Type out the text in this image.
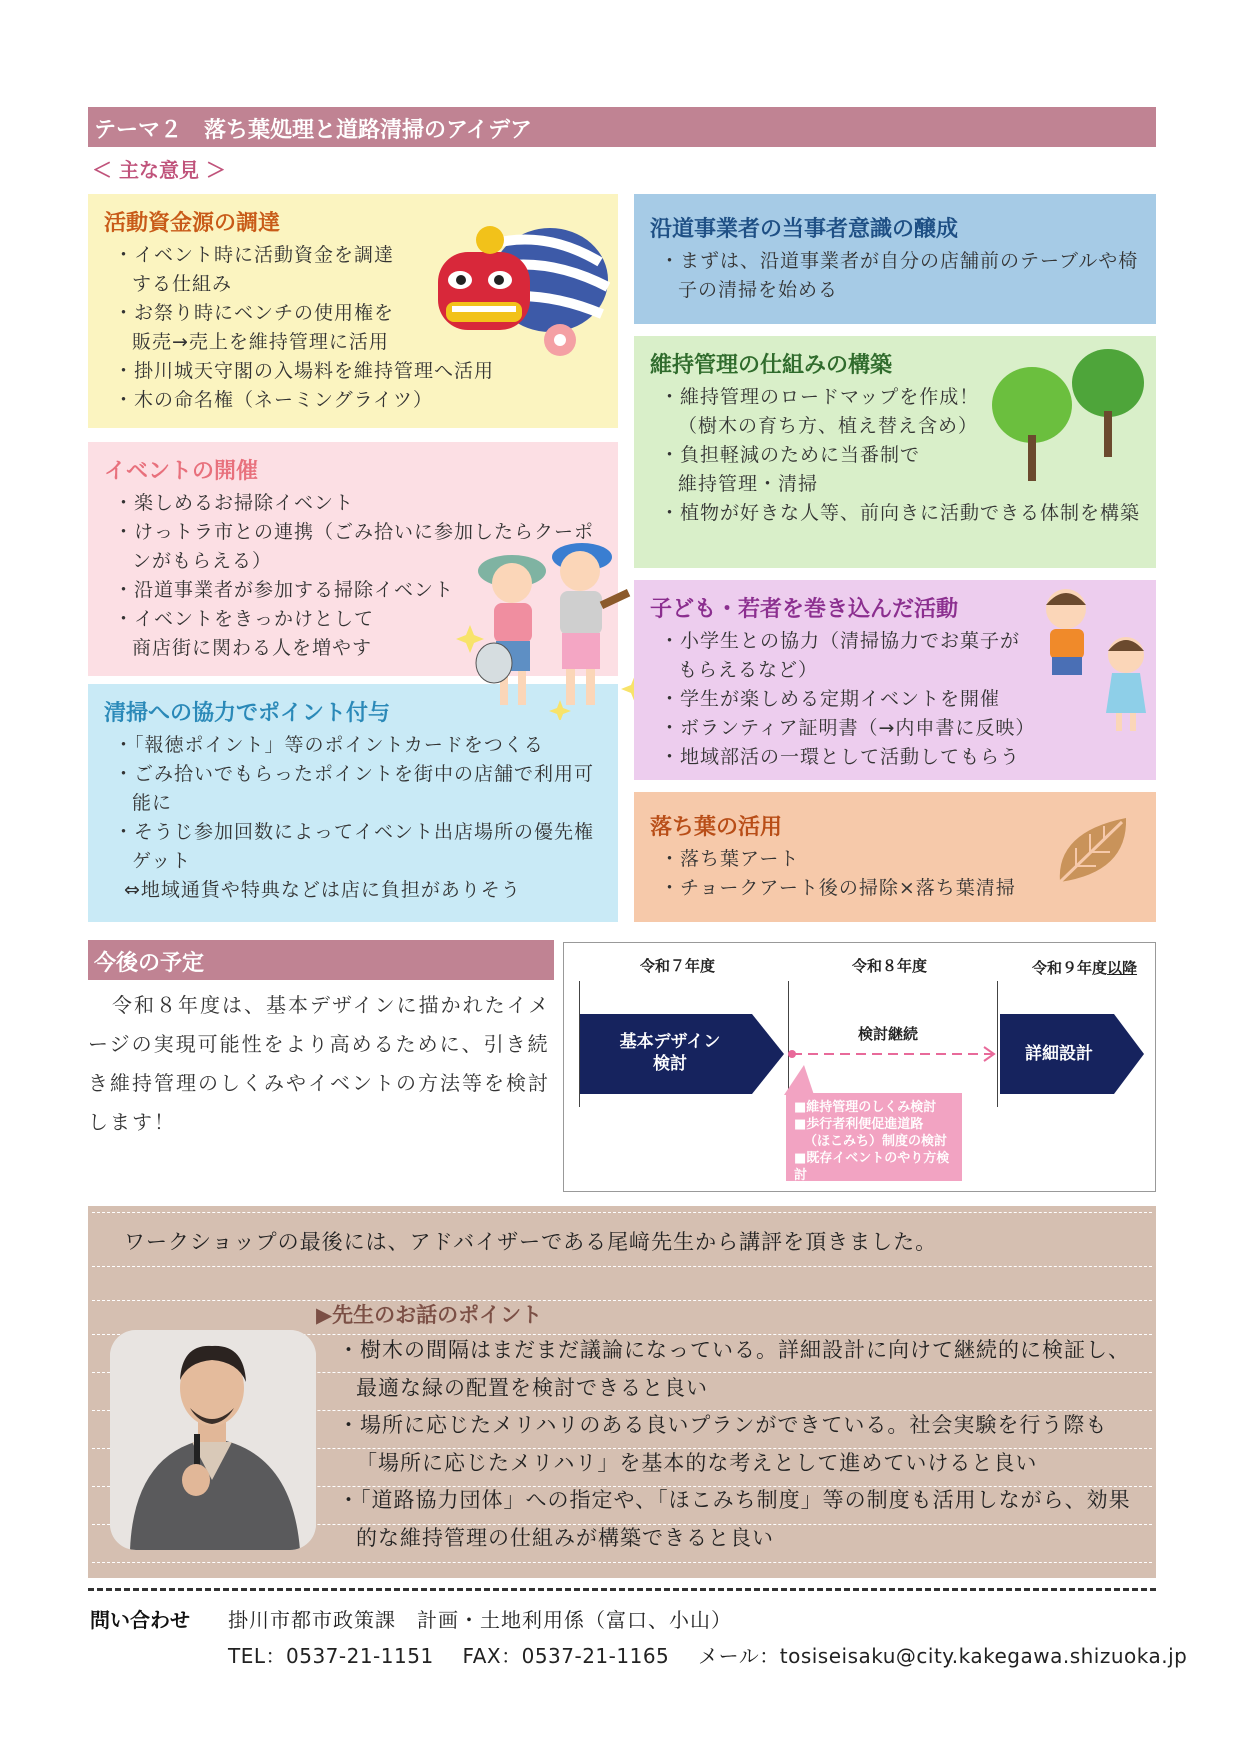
テーマ２　落ち葉処理と道路清掃のアイデア
＜ 主な意見 ＞
活動資金源の調達
・イベント時に活動資金を調達　する仕組み
・お祭り時にベンチの使用権を　販売→売上を維持管理に活用
・掛川城天守閣の入場料を維持管理へ活用
・木の命名権（ネーミングライツ）
イベントの開催
・楽しめるお掃除イベント
・けっトラ市との連携（ごみ拾いに参加したらクーポンがもらえる）
・沿道事業者が参加する掃除イベント
・イベントをきっかけとして　商店街に関わる人を増やす
清掃への協力でポイント付与
・「報徳ポイント」等のポイントカードをつくる
・ごみ拾いでもらったポイントを街中の店舗で利用可能に
・そうじ参加回数によってイベント出店場所の優先権ゲット
⇔地域通貨や特典などは店に負担がありそう
沿道事業者の当事者意識の醸成
・まずは、沿道事業者が自分の店舗前のテーブルや椅子の清掃を始める
維持管理の仕組みの構築
・維持管理のロードマップを作成！（樹木の育ち方、植え替え含め）
・負担軽減のために当番制で　維持管理・清掃
・植物が好きな人等、前向きに活動できる体制を構築
子ども・若者を巻き込んだ活動
・小学生との協力（清掃協力でお菓子がもらえるなど）
・学生が楽しめる定期イベントを開催
・ボランティア証明書（→内申書に反映）
・地域部活の一環として活動してもらう
落ち葉の活用
・落ち葉アート
・チョークアート後の掃除×落ち葉清掃
今後の予定
令和８年度は、基本デザインに描かれたイメージの実現可能性をより高めるために、引き続き維持管理のしくみやイベントの方法等を検討します！
令和７年度	令和８年度	令和９年度以降
基本デザイン
検討
検討継続
詳細設計
■維持管理のしくみ検討
■歩行者利便促進道路
（ほこみち）制度の検討
■既存イベントのやり方検討
ワークショップの最後には、アドバイザーである尾﨑先生から講評を頂きました。
▶先生のお話のポイント
・樹木の間隔はまだまだ議論になっている。詳細設計に向けて継続的に検証し、最適な緑の配置を検討できると良い
・場所に応じたメリハリのある良いプランができている。社会実験を行う際も「場所に応じたメリハリ」を基本的な考えとして進めていけると良い
・「道路協力団体」への指定や、「ほこみち制度」等の制度も活用しながら、効果的な維持管理の仕組みが構築できると良い
問い合わせ 掛川市都市政策課　計画・土地利用係（富口、小山）
TEL：0537-21-1151 FAX：0537-21-1165 メール：tosiseisaku@city.kakegawa.shizuoka.jp
